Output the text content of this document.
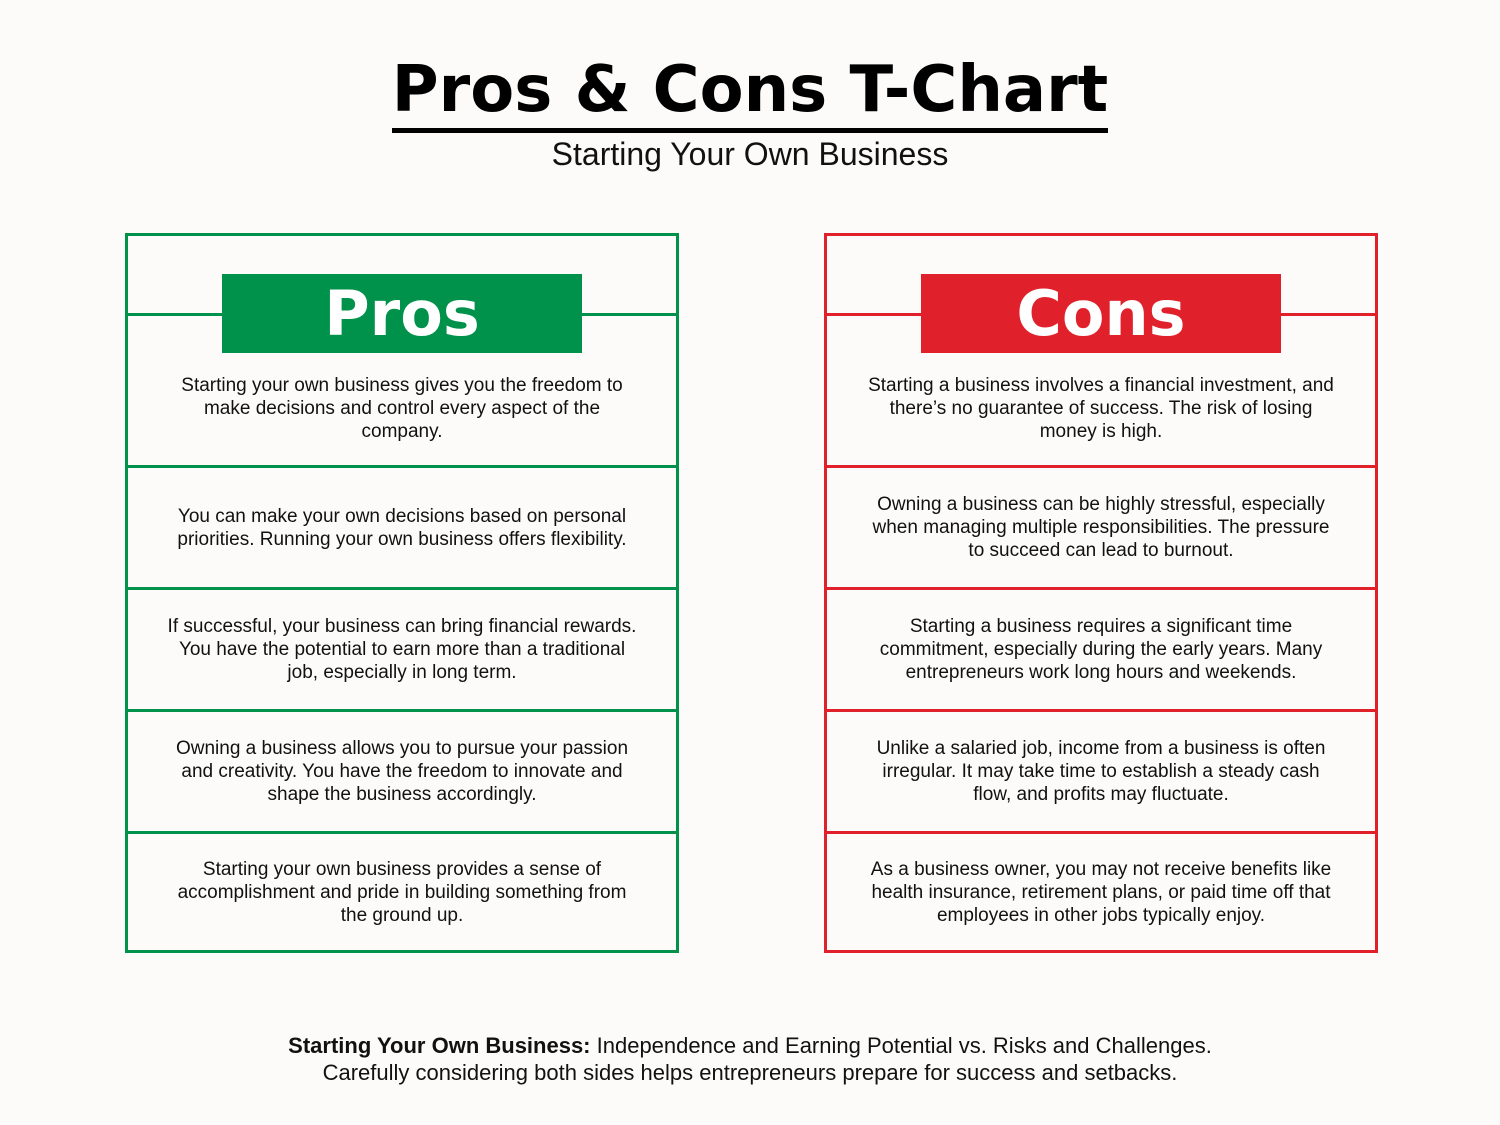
Pros & Cons T-Chart
Starting Your Own Business
Pros
Starting your own business gives you the freedom to make decisions and control every aspect of the company.
You can make your own decisions based on personal priorities. Running your own business offers flexibility.
If successful, your business can bring financial rewards. You have the potential to earn more than a traditional job, especially in long term.
Owning a business allows you to pursue your passion and creativity. You have the freedom to innovate and shape the business accordingly.
Starting your own business provides a sense of accomplishment and pride in building something from the ground up.
Cons
Starting a business involves a financial investment, and there’s no guarantee of success. The risk of losing money is high.
Owning a business can be highly stressful, especially when managing multiple responsibilities. The pressure to succeed can lead to burnout.
Starting a business requires a significant time commitment, especially during the early years. Many entrepreneurs work long hours and weekends.
Unlike a salaried job, income from a business is often irregular. It may take time to establish a steady cash flow, and profits may fluctuate.
As a business owner, you may not receive benefits like health insurance, retirement plans, or paid time off that employees in other jobs typically enjoy.
Starting Your Own Business: Independence and Earning Potential vs. Risks and Challenges.
Carefully considering both sides helps entrepreneurs prepare for success and setbacks.
